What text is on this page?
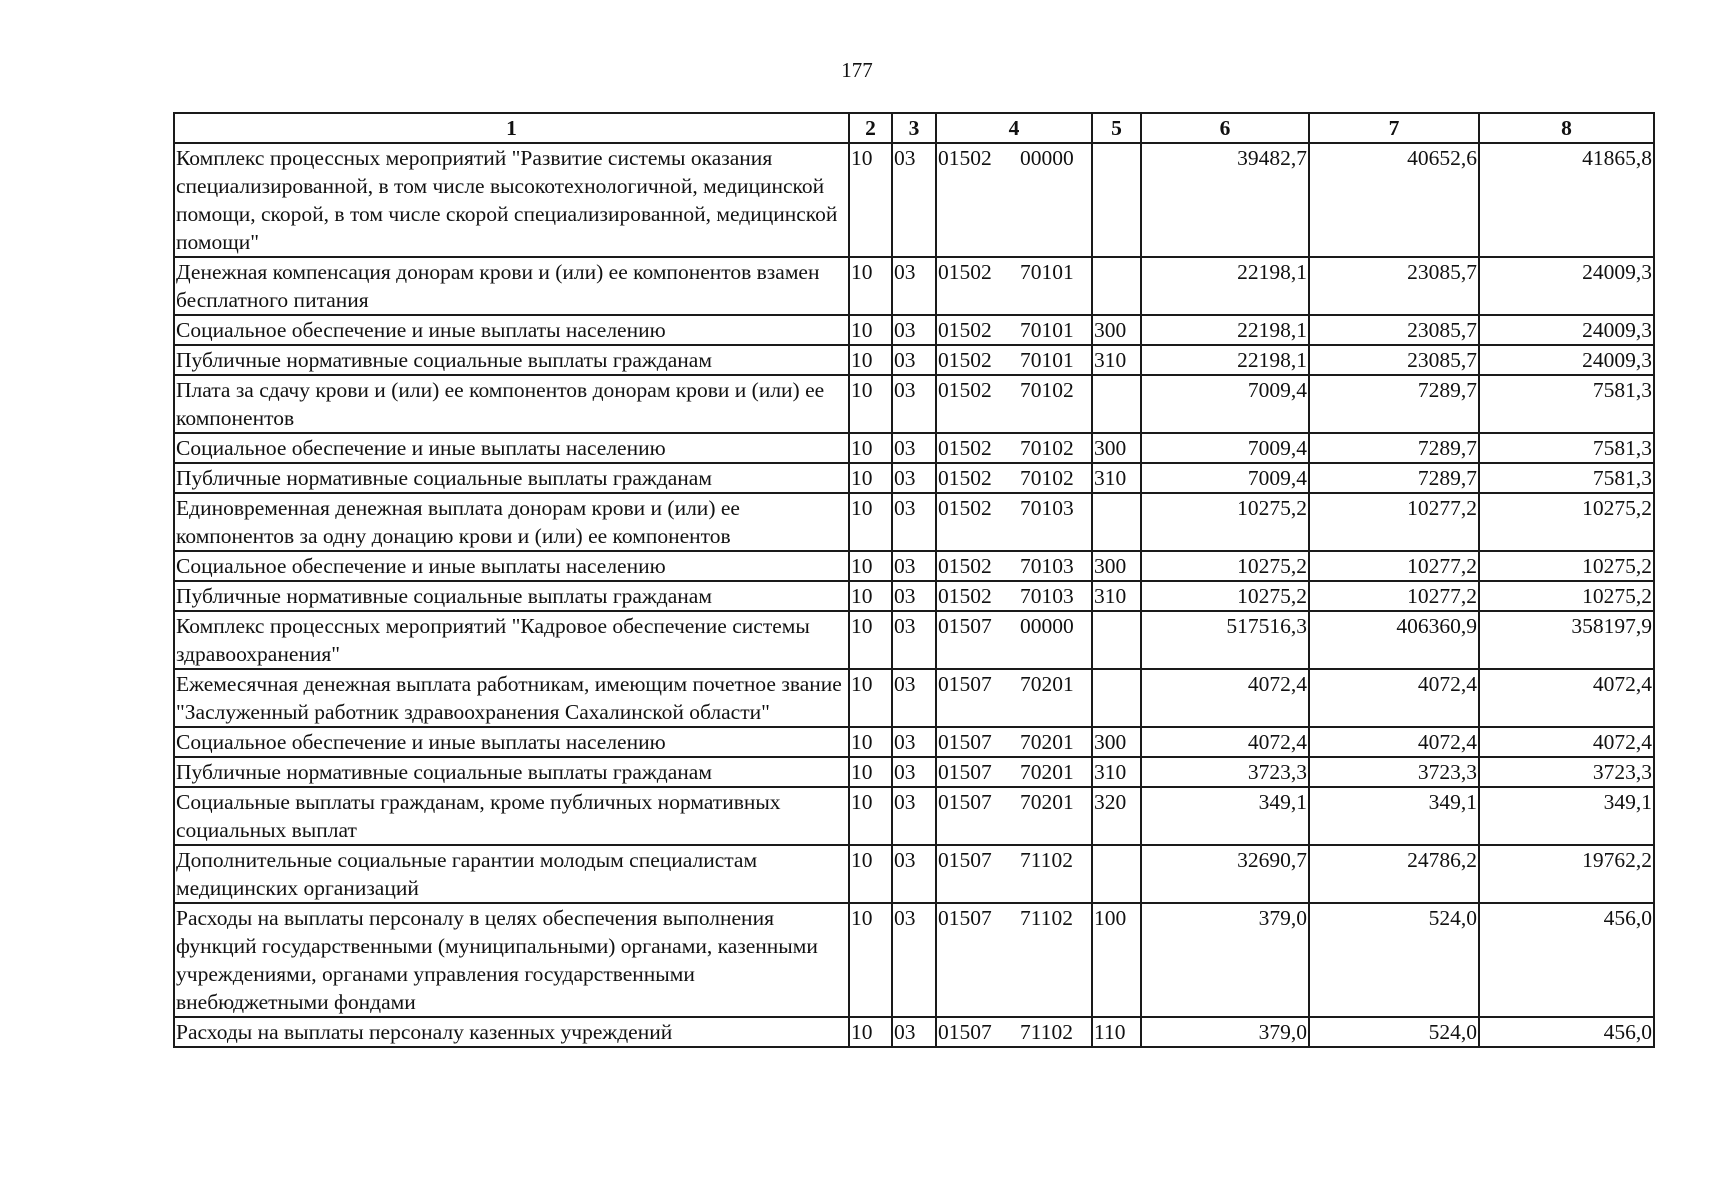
177
1	2	3	4	5	6	7	8
Комплекс процессных мероприятий "Развитие системы оказания специализированной, в том числе высокотехнологичной, медицинской помощи, скорой, в том числе скорой специализированной, медицинской помощи"	10	03	01502 00000		39482,7	40652,6	41865,8
Денежная компенсация донорам крови и (или) ее компонентов взамен бесплатного питания	10	03	01502 70101		22198,1	23085,7	24009,3
Социальное обеспечение и иные выплаты населению	10	03	01502 70101	300	22198,1	23085,7	24009,3
Публичные нормативные социальные выплаты гражданам	10	03	01502 70101	310	22198,1	23085,7	24009,3
Плата за сдачу крови и (или) ее компонентов донорам крови и (или) ее компонентов	10	03	01502 70102		7009,4	7289,7	7581,3
Социальное обеспечение и иные выплаты населению	10	03	01502 70102	300	7009,4	7289,7	7581,3
Публичные нормативные социальные выплаты гражданам	10	03	01502 70102	310	7009,4	7289,7	7581,3
Единовременная денежная выплата донорам крови и (или) ее компонентов за одну донацию крови и (или) ее компонентов	10	03	01502 70103		10275,2	10277,2	10275,2
Социальное обеспечение и иные выплаты населению	10	03	01502 70103	300	10275,2	10277,2	10275,2
Публичные нормативные социальные выплаты гражданам	10	03	01502 70103	310	10275,2	10277,2	10275,2
Комплекс процессных мероприятий "Кадровое обеспечение системы здравоохранения"	10	03	01507 00000		517516,3	406360,9	358197,9
Ежемесячная денежная выплата работникам, имеющим почетное звание "Заслуженный работник здравоохранения Сахалинской области"	10	03	01507 70201		4072,4	4072,4	4072,4
Социальное обеспечение и иные выплаты населению	10	03	01507 70201	300	4072,4	4072,4	4072,4
Публичные нормативные социальные выплаты гражданам	10	03	01507 70201	310	3723,3	3723,3	3723,3
Социальные выплаты гражданам, кроме публичных нормативных социальных выплат	10	03	01507 70201	320	349,1	349,1	349,1
Дополнительные социальные гарантии молодым специалистам медицинских организаций	10	03	01507 71102		32690,7	24786,2	19762,2
Расходы на выплаты персоналу в целях обеспечения выполнения функций государственными (муниципальными) органами, казенными учреждениями, органами управления государственными внебюджетными фондами	10	03	01507 71102	100	379,0	524,0	456,0
Расходы на выплаты персоналу казенных учреждений	10	03	01507 71102	110	379,0	524,0	456,0
